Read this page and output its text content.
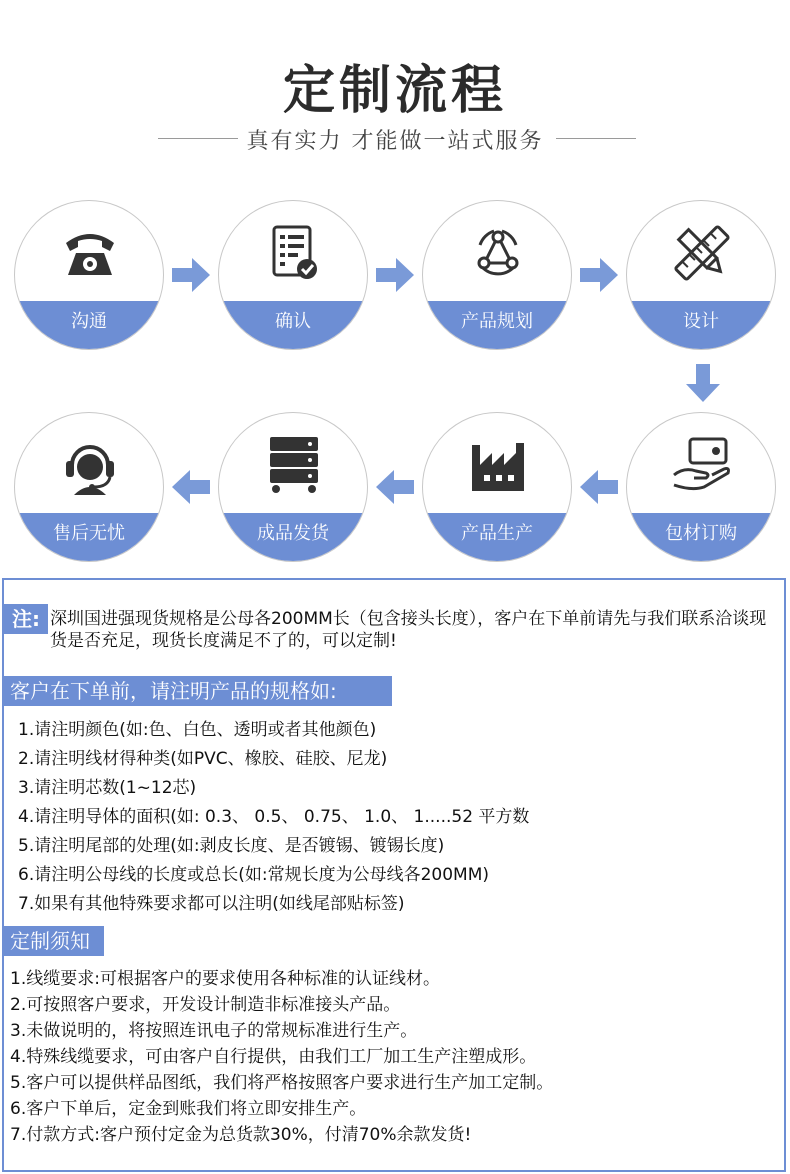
定制流程
真有实力 才能做一站式服务
沟通	确认	产品规划	设计
包材订购
产品生产
成品发货
售后无忧
注: 深圳国进强现货规格是公母各200MM长（包含接头长度），客户在下单前请先与我们联系洽谈现货是否充足，现货长度满足不了的，可以定制!
客户在下单前，请注明产品的规格如:
1.请注明颜色(如:色、白色、透明或者其他颜色)
2.请注明线材得种类(如PVC、橡胶、硅胶、尼龙)
3.请注明芯数(1~12芯)
4.请注明导体的面积(如: 0.3、 0.5、 0.75、 1.0、 1.....52 平方数
5.请注明尾部的处理(如:剥皮长度、是否镀锡、镀锡长度)
6.请注明公母线的长度或总长(如:常规长度为公母线各200MM)
7.如果有其他特殊要求都可以注明(如线尾部贴标签)
定制须知
1.线缆要求:可根据客户的要求使用各种标准的认证线材。
2.可按照客户要求，开发设计制造非标准接头产品。
3.未做说明的，将按照连讯电子的常规标准进行生产。
4.特殊线缆要求，可由客户自行提供，由我们工厂加工生产注塑成形。
5.客户可以提供样品图纸，我们将严格按照客户要求进行生产加工定制。
6.客户下单后，定金到账我们将立即安排生产。
7.付款方式:客户预付定金为总货款30%，付清70%余款发货!
